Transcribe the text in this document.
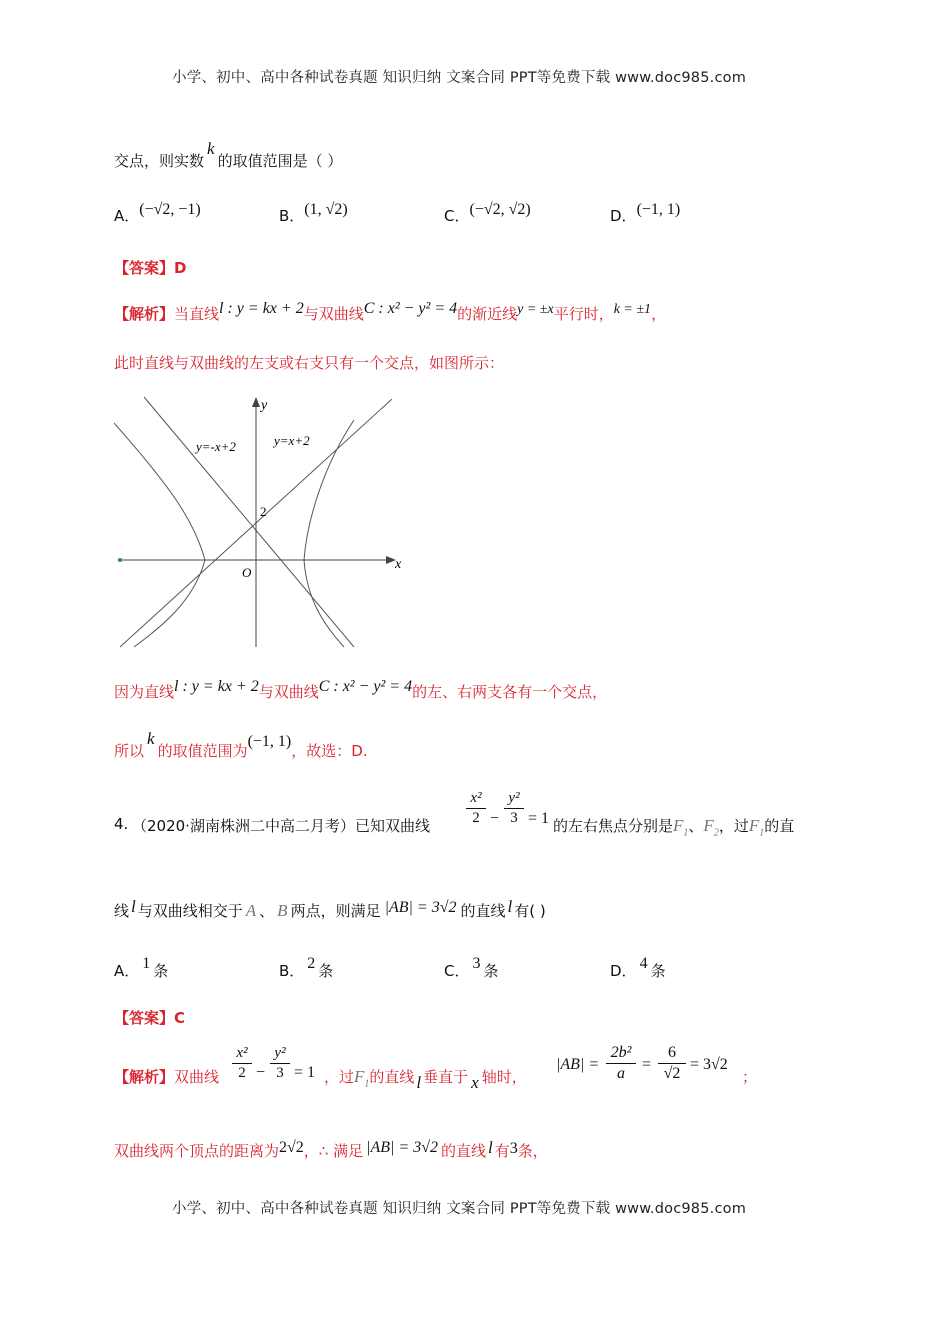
小学、初中、高中各种试卷真题 知识归纳 文案合同 PPT等免费下载 www.doc985.com
交点，则实数k的取值范围是（ ）
A．(−√2, −1)	B．(1, √2)	C．(−√2, √2)	D．(−1, 1)
【答案】D
【解析】当直线l : y = kx + 2与双曲线C : x² − y² = 4的渐近线y = ±x平行时，k = ±1，
此时直线与双曲线的左支或右支只有一个交点，如图所示：
y
x
O
2
y=-x+2	y=x+2
因为直线l : y = kx + 2与双曲线C : x² − y² = 4的左、右两支各有一个交点，
所以k的取值范围为(−1, 1)，故选：D.
4. （2020·湖南株洲二中高二月考）已知双曲线
x²
2 −
y²
3 = 1 的左右焦点分别是$F_1$、$F_2$，过$F_1$的直
线 l 与双曲线相交于 A 、 B 两点，则满足 |AB| = 3√2 的直线 l 有( )
A． 1 条	B． 2 条	C． 3 条	D． 4 条
【答案】C
【解析】双曲线
x²
2 −
y²
3 = 1 ，过$F_1$的直线 l 垂直于 x 轴时，
|AB| =
2b²
a
=
6
√2
= 3√2
；
双曲线两个顶点的距离为2√2，∴ 满足 |AB| = 3√2 的直线 l 有3条，
小学、初中、高中各种试卷真题 知识归纳 文案合同 PPT等免费下载 www.doc985.com
